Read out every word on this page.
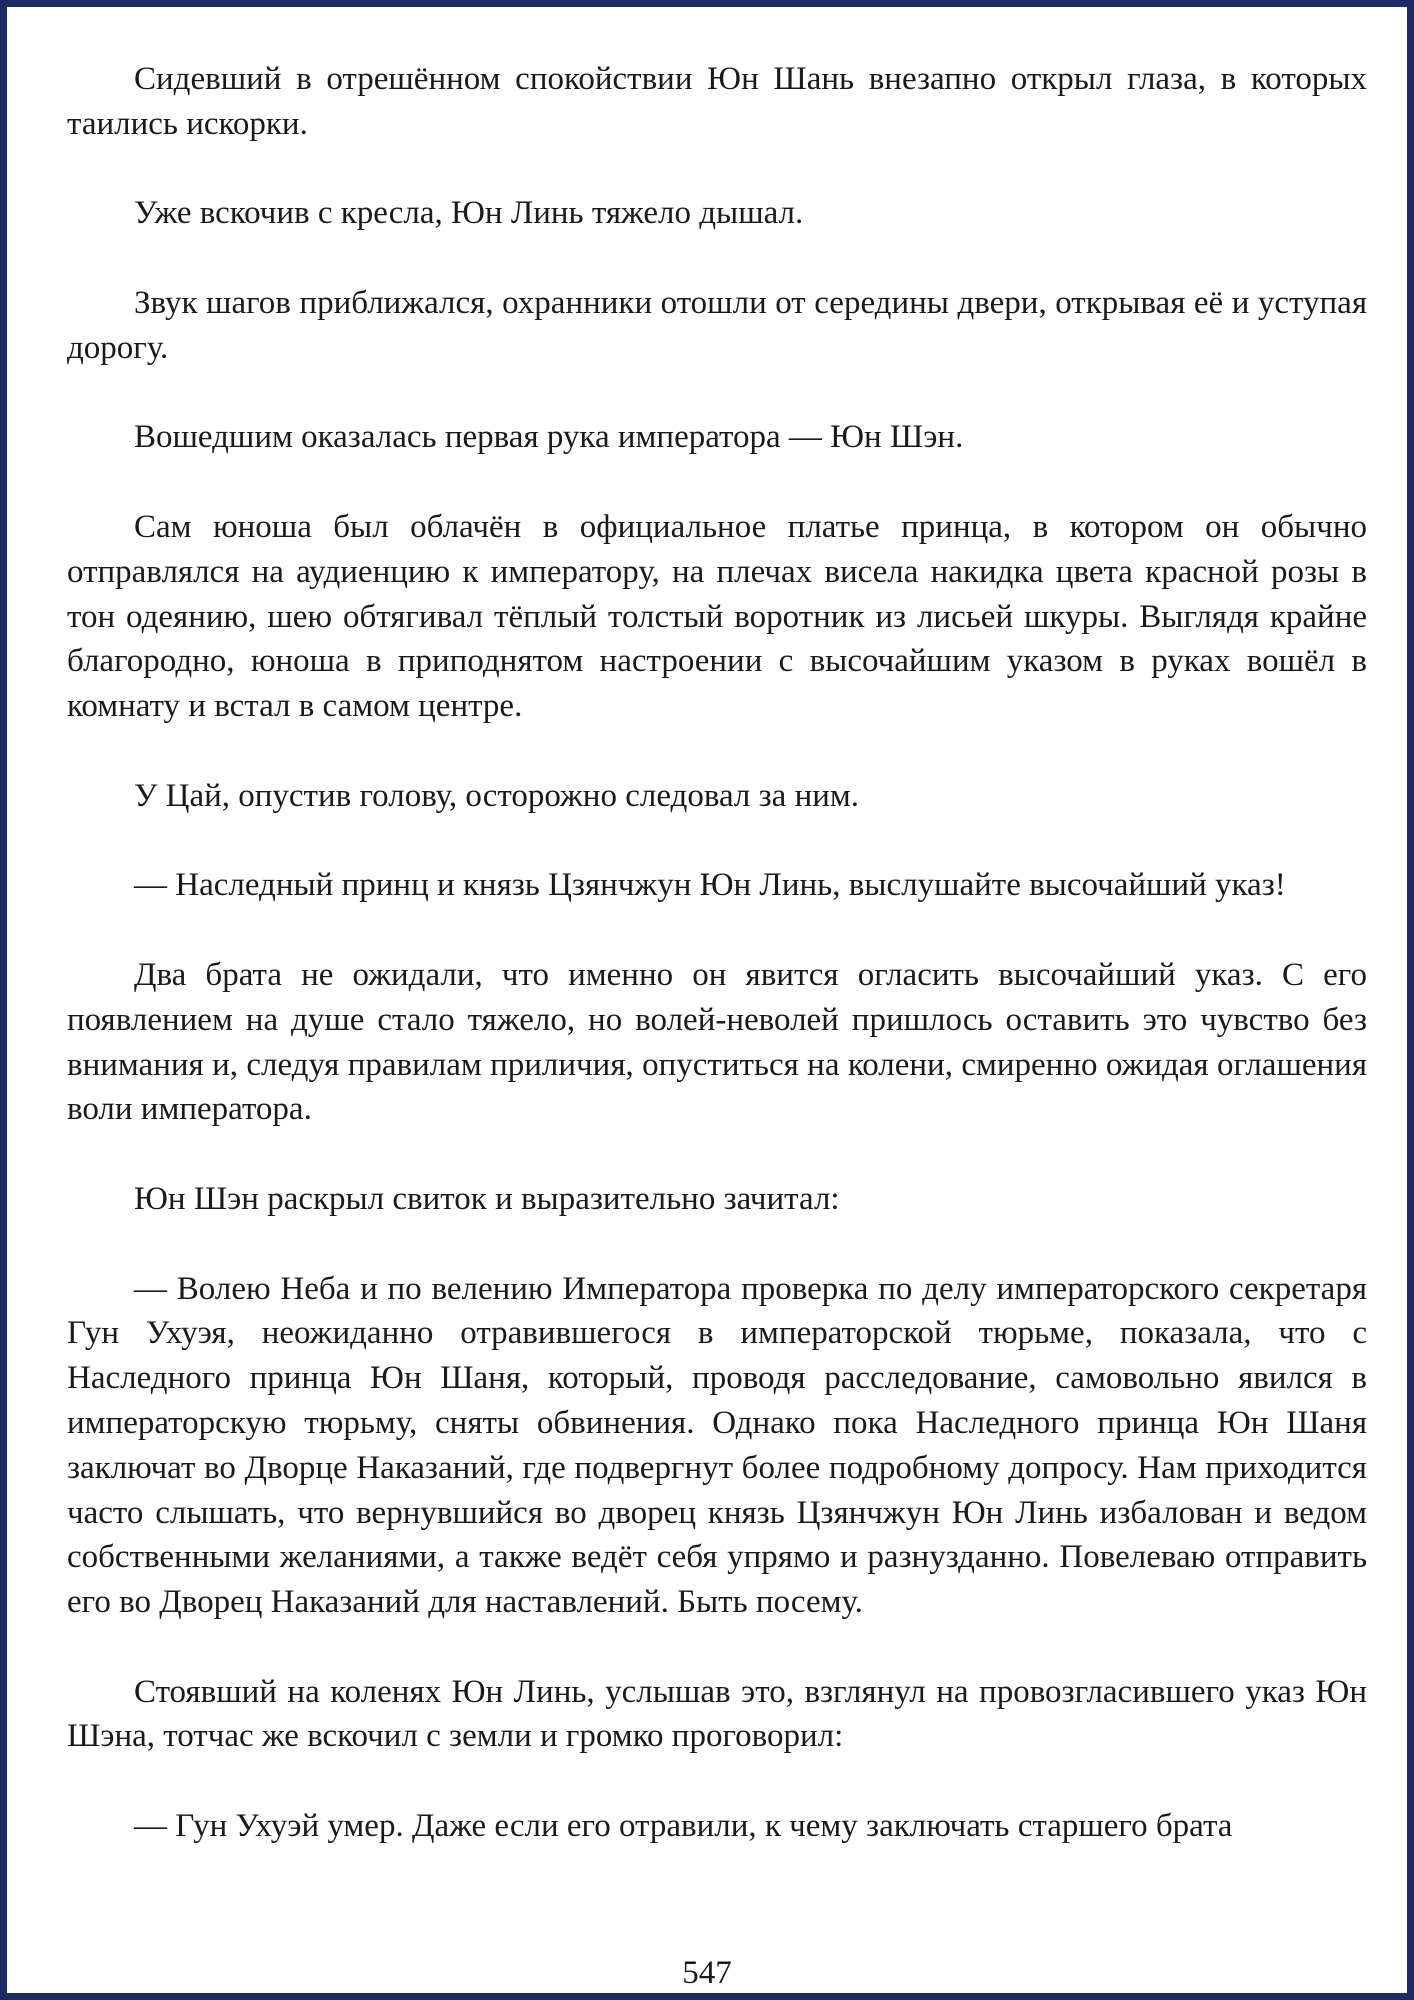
Сидевший в отрешённом спокойствии Юн Шань внезапно открыл глаза, в которых таились искорки.

Уже вскочив с кресла, Юн Линь тяжело дышал.

Звук шагов приближался, охранники отошли от середины двери, открывая её и уступая дорогу.

Вошедшим оказалась первая рука императора — Юн Шэн.

Сам юноша был облачён в официальное платье принца, в котором он обычно отправлялся на аудиенцию к императору, на плечах висела накидка цвета красной розы в тон одеянию, шею обтягивал тёплый толстый воротник из лисьей шкуры. Выглядя крайне благородно, юноша в приподнятом настроении с высочайшим указом в руках вошёл в комнату и встал в самом центре.

У Цай, опустив голову, осторожно следовал за ним.

— Наследный принц и князь Цзянчжун Юн Линь, выслушайте высочайший указ!

Два брата не ожидали, что именно он явится огласить высочайший указ. С его появлением на душе стало тяжело, но волей-неволей пришлось оставить это чувство без внимания и, следуя правилам приличия, опуститься на колени, смиренно ожидая оглашения воли императора.

Юн Шэн раскрыл свиток и выразительно зачитал:

— Волею Неба и по велению Императора проверка по делу императорского секретаря Гун Ухуэя, неожиданно отравившегося в императорской тюрьме, показала, что с Наследного принца Юн Шаня, который, проводя расследование, самовольно явился в императорскую тюрьму, сняты обвинения. Однако пока Наследного принца Юн Шаня заключат во Дворце Наказаний, где подвергнут более подробному допросу. Нам приходится часто слышать, что вернувшийся во дворец князь Цзянчжун Юн Линь избалован и ведом собственными желаниями, а также ведёт себя упрямо и разнузданно. Повелеваю отправить его во Дворец Наказаний для наставлений. Быть посему.

Стоявший на коленях Юн Линь, услышав это, взглянул на провозгласившего указ Юн Шэна, тотчас же вскочил с земли и громко проговорил:

— Гун Ухуэй умер. Даже если его отравили, к чему заключать старшего брата

547
